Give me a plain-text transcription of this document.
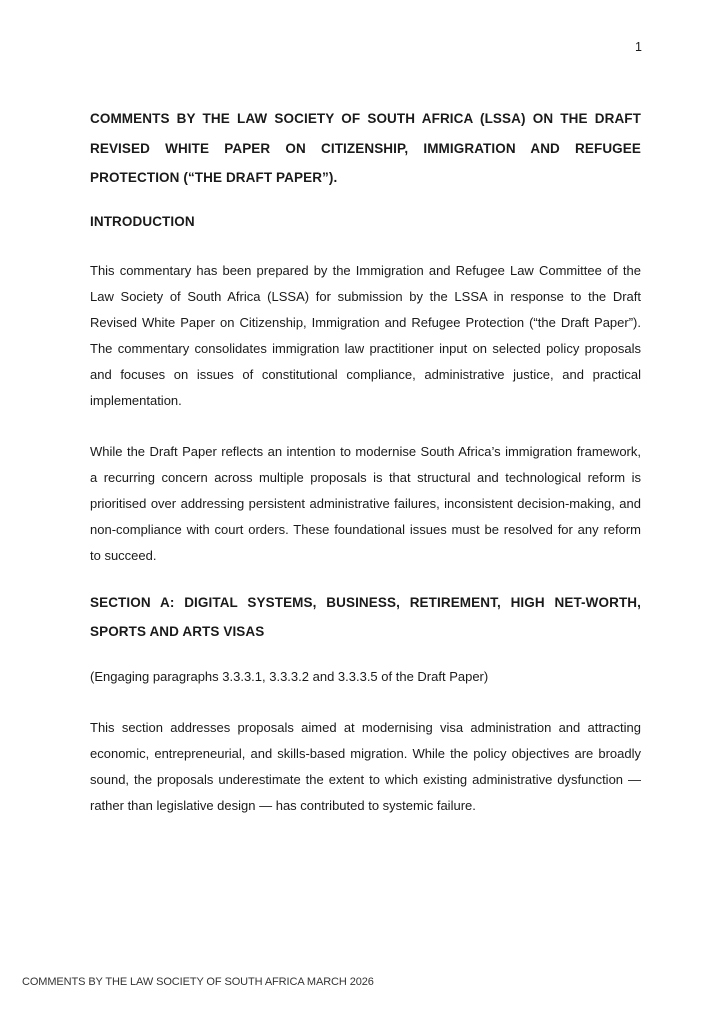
1
COMMENTS BY THE LAW SOCIETY OF SOUTH AFRICA (LSSA) ON THE DRAFT REVISED WHITE PAPER ON CITIZENSHIP, IMMIGRATION AND REFUGEE PROTECTION (“THE DRAFT PAPER”).
INTRODUCTION

This commentary has been prepared by the Immigration and Refugee Law Committee of the Law Society of South Africa (LSSA) for submission by the LSSA in response to the Draft Revised White Paper on Citizenship, Immigration and Refugee Protection (“the Draft Paper”). The commentary consolidates immigration law practitioner input on selected policy proposals and focuses on issues of constitutional compliance, administrative justice, and practical implementation.

While the Draft Paper reflects an intention to modernise South Africa’s immigration framework, a recurring concern across multiple proposals is that structural and technological reform is prioritised over addressing persistent administrative failures, inconsistent decision-making, and non-compliance with court orders. These foundational issues must be resolved for any reform to succeed.

SECTION A: DIGITAL SYSTEMS, BUSINESS, RETIREMENT, HIGH NET-WORTH, SPORTS AND ARTS VISAS

(Engaging paragraphs 3.3.3.1, 3.3.3.2 and 3.3.3.5 of the Draft Paper)

This section addresses proposals aimed at modernising visa administration and attracting economic, entrepreneurial, and skills-based migration. While the policy objectives are broadly sound, the proposals underestimate the extent to which existing administrative dysfunction — rather than legislative design — has contributed to systemic failure.

COMMENTS BY THE LAW SOCIETY OF SOUTH AFRICA MARCH 2026
